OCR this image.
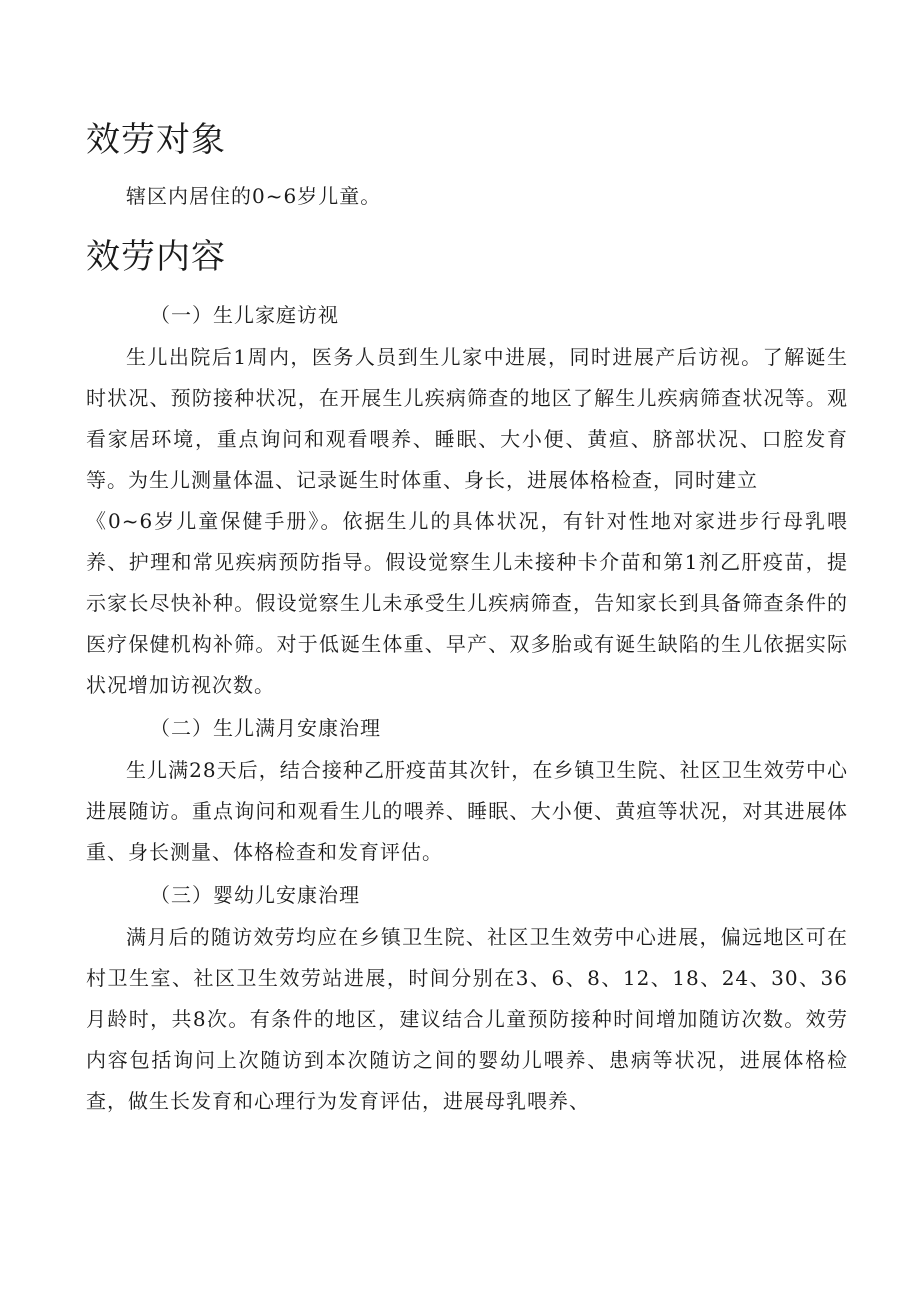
效劳对象

辖区内居住的0~6岁儿童。

效劳内容

（一）生儿家庭访视

生儿出院后1周内，医务人员到生儿家中进展，同时进展产后访视。了解诞生时状况、预防接种状况，在开展生儿疾病筛查的地区了解生儿疾病筛查状况等。观看家居环境，重点询问和观看喂养、睡眠、大小便、黄疸、脐部状况、口腔发育等。为生儿测量体温、记录诞生时体重、身长，进展体格检查，同时建立

《0~6岁儿童保健手册》。依据生儿的具体状况，有针对性地对家进步行母乳喂养、护理和常见疾病预防指导。假设觉察生儿未接种卡介苗和第1剂乙肝疫苗，提示家长尽快补种。假设觉察生儿未承受生儿疾病筛查，告知家长到具备筛查条件的医疗保健机构补筛。对于低诞生体重、早产、双多胎或有诞生缺陷的生儿依据实际状况增加访视次数。

（二）生儿满月安康治理

生儿满28天后，结合接种乙肝疫苗其次针，在乡镇卫生院、社区卫生效劳中心进展随访。重点询问和观看生儿的喂养、睡眠、大小便、黄疸等状况，对其进展体重、身长测量、体格检查和发育评估。

（三）婴幼儿安康治理

满月后的随访效劳均应在乡镇卫生院、社区卫生效劳中心进展，偏远地区可在村卫生室、社区卫生效劳站进展，时间分别在3、6、8、12、18、24、30、36月龄时，共8次。有条件的地区，建议结合儿童预防接种时间增加随访次数。效劳内容包括询问上次随访到本次随访之间的婴幼儿喂养、患病等状况，进展体格检查，做生长发育和心理行为发育评估，进展母乳喂养、
